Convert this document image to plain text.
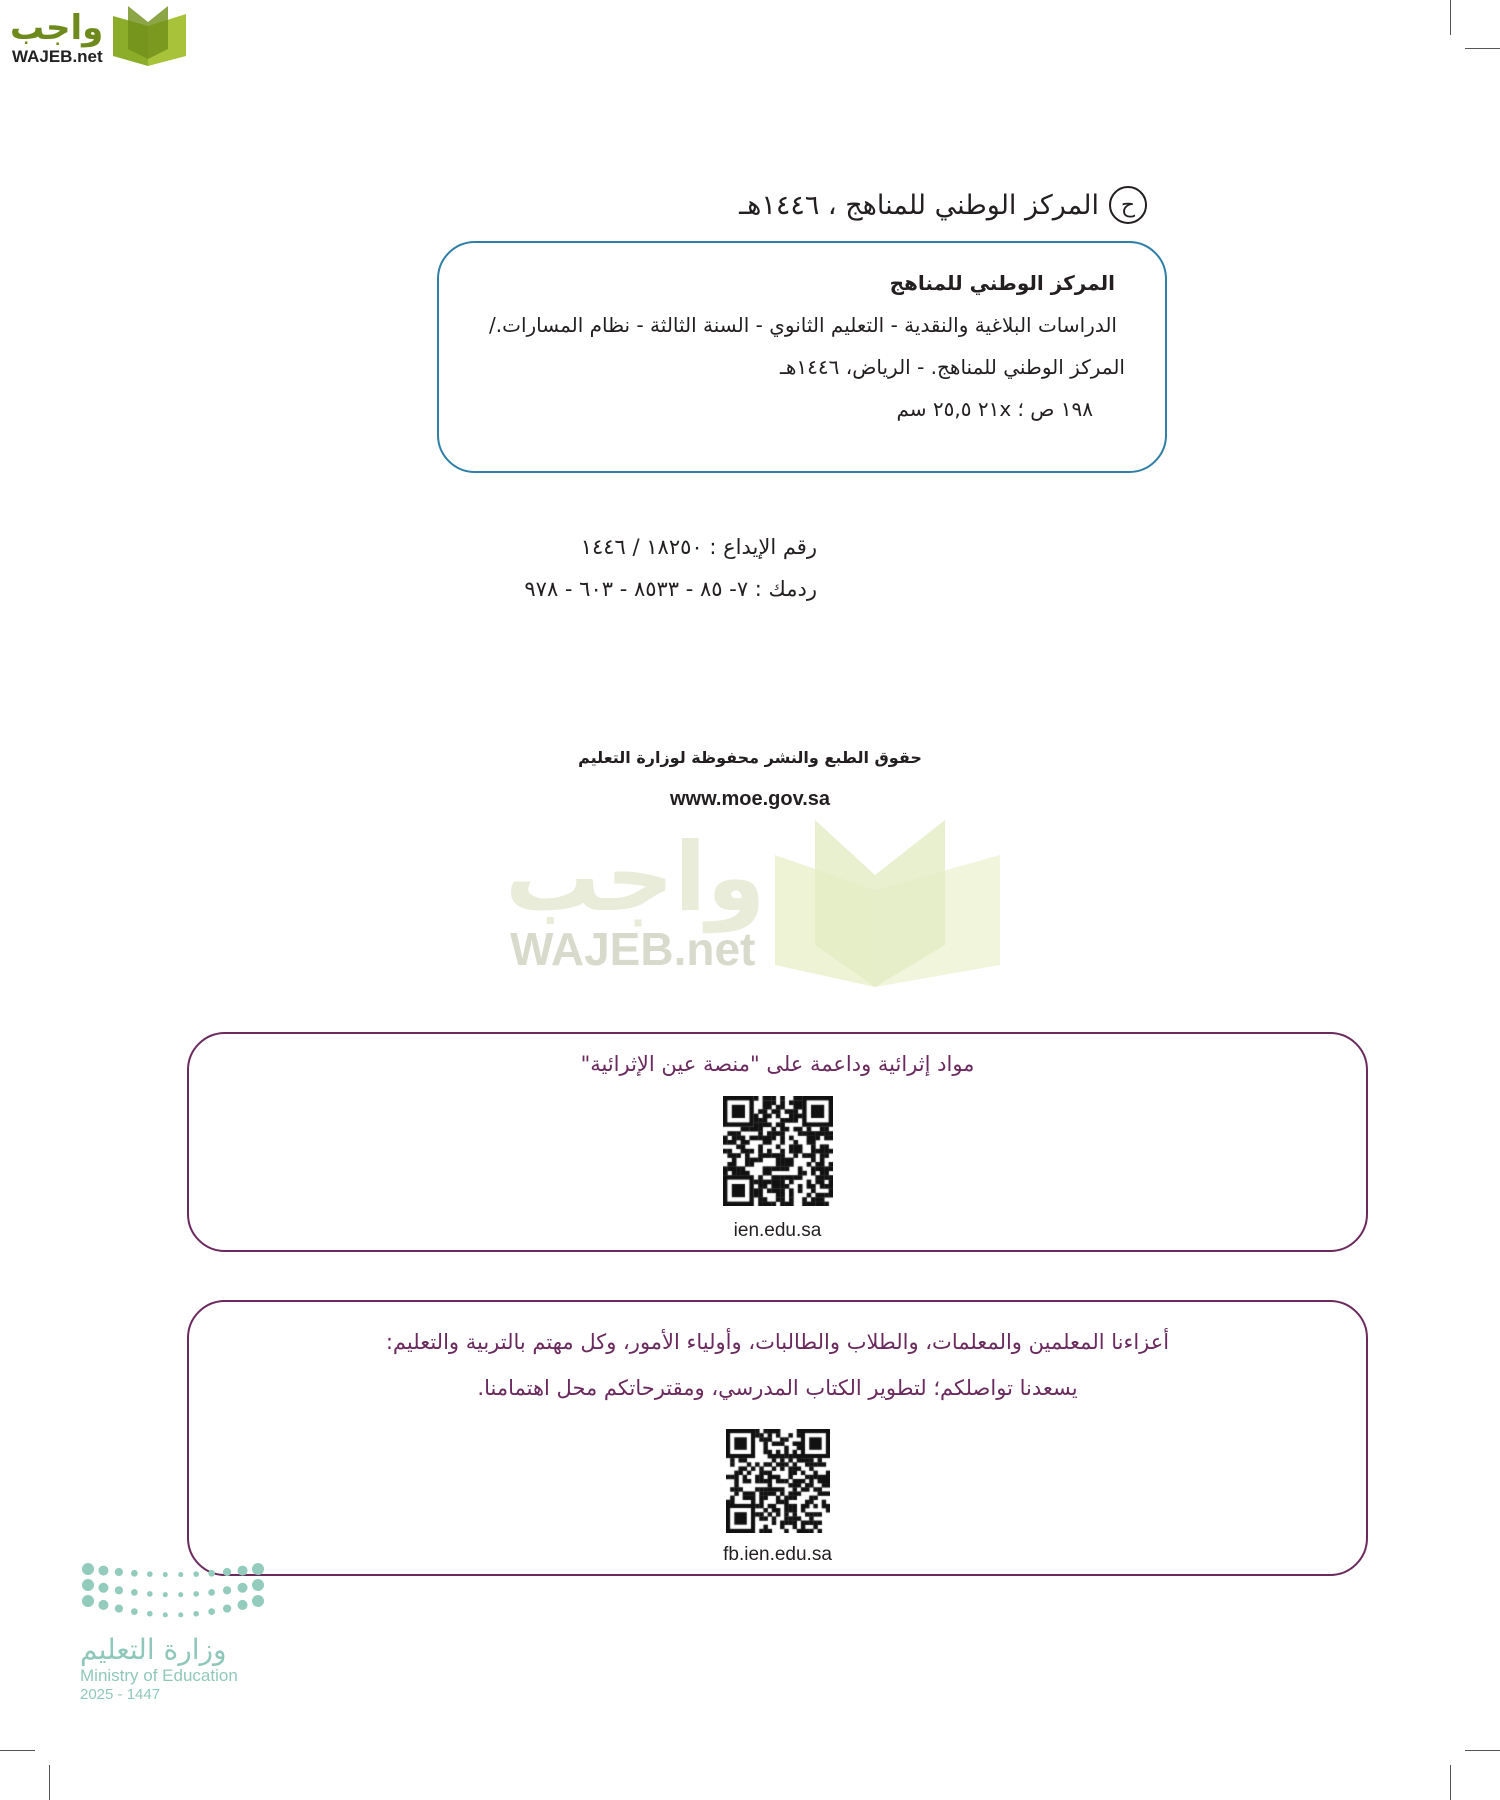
واجب
WAJEB.net
ح
المركز الوطني للمناهج ، ١٤٤٦هـ
المركز الوطني للمناهج
الدراسات البلاغية والنقدية - التعليم الثانوي - السنة الثالثة - نظام المسارات./
المركز الوطني للمناهج. - الرياض، ١٤٤٦هـ
١٩٨ ص ؛ ٢١x ٢٥,٥ سم
رقم الإيداع : ١٨٢٥٠ / ١٤٤٦
ردمك : ٧- ٨٥ - ٨٥٣٣ - ٦٠٣ - ٩٧٨
حقوق الطبع والنشر محفوظة لوزارة التعليم
www.moe.gov.sa
واجب
WAJEB.net
مواد إثرائية وداعمة على "منصة عين الإثرائية"
ien.edu.sa
أعزاءنا المعلمين والمعلمات، والطلاب والطالبات، وأولياء الأمور، وكل مهتم بالتربية والتعليم:
يسعدنا تواصلكم؛ لتطوير الكتاب المدرسي، ومقترحاتكم محل اهتمامنا.
fb.ien.edu.sa
وزارة التعليم
Ministry of Education
2025 - 1447
